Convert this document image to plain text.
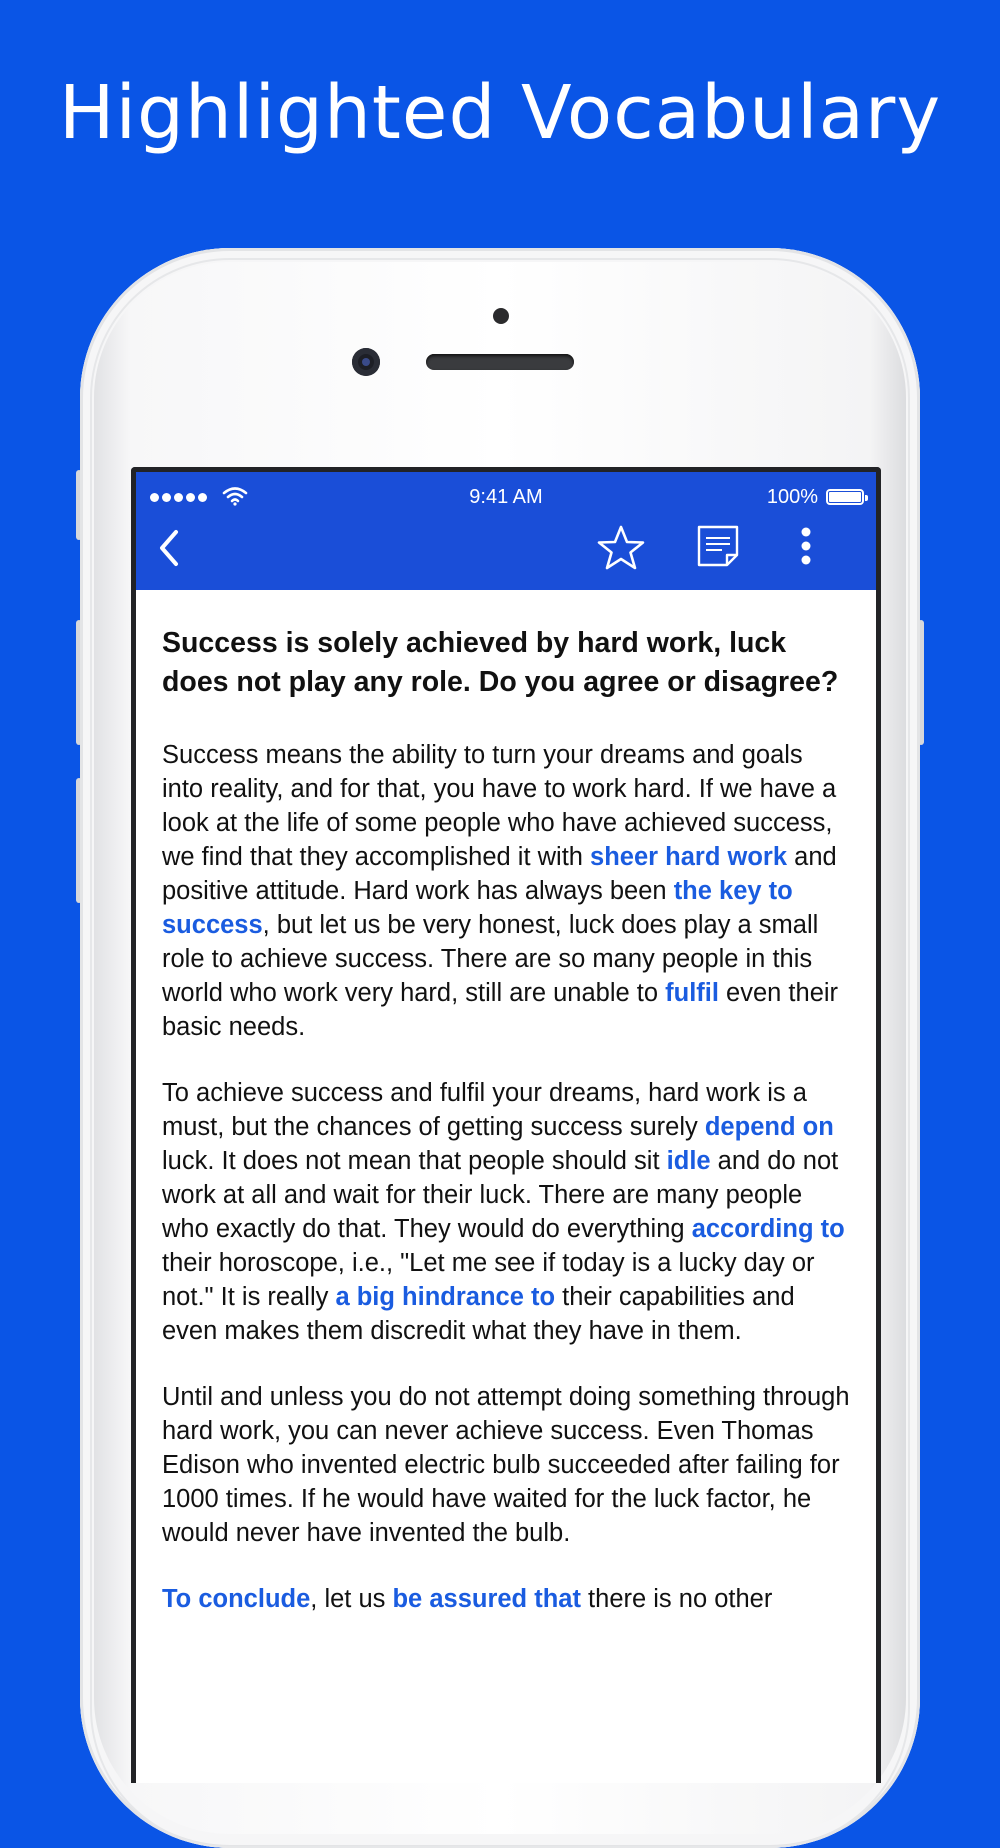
Highlighted Vocabulary
9:41 AM	100%
Success is solely achieved by hard work, luck does not play any role. Do you agree or disagree?
Success means the ability to turn your dreams and goals into reality, and for that, you have to work hard. If we have a look at the life of some people who have achieved success, we find that they accomplished it with sheer hard work and positive attitude. Hard work has always been the key to success, but let us be very honest, luck does play a small role to achieve success. There are so many people in this world who work very hard, still are unable to fulfil even their basic needs.
To achieve success and fulfil your dreams, hard work is a must, but the chances of getting success surely depend on luck. It does not mean that people should sit idle and do not work at all and wait for their luck. There are many people who exactly do that. They would do everything according to their horoscope, i.e., "Let me see if today is a lucky day or not." It is really a big hindrance to their capabilities and even makes them discredit what they have in them.
Until and unless you do not attempt doing something through hard work, you can never achieve success. Even Thomas Edison who invented electric bulb succeeded after failing for 1000 times. If he would have waited for the luck factor, he would never have invented the bulb.
To conclude, let us be assured that there is no other
